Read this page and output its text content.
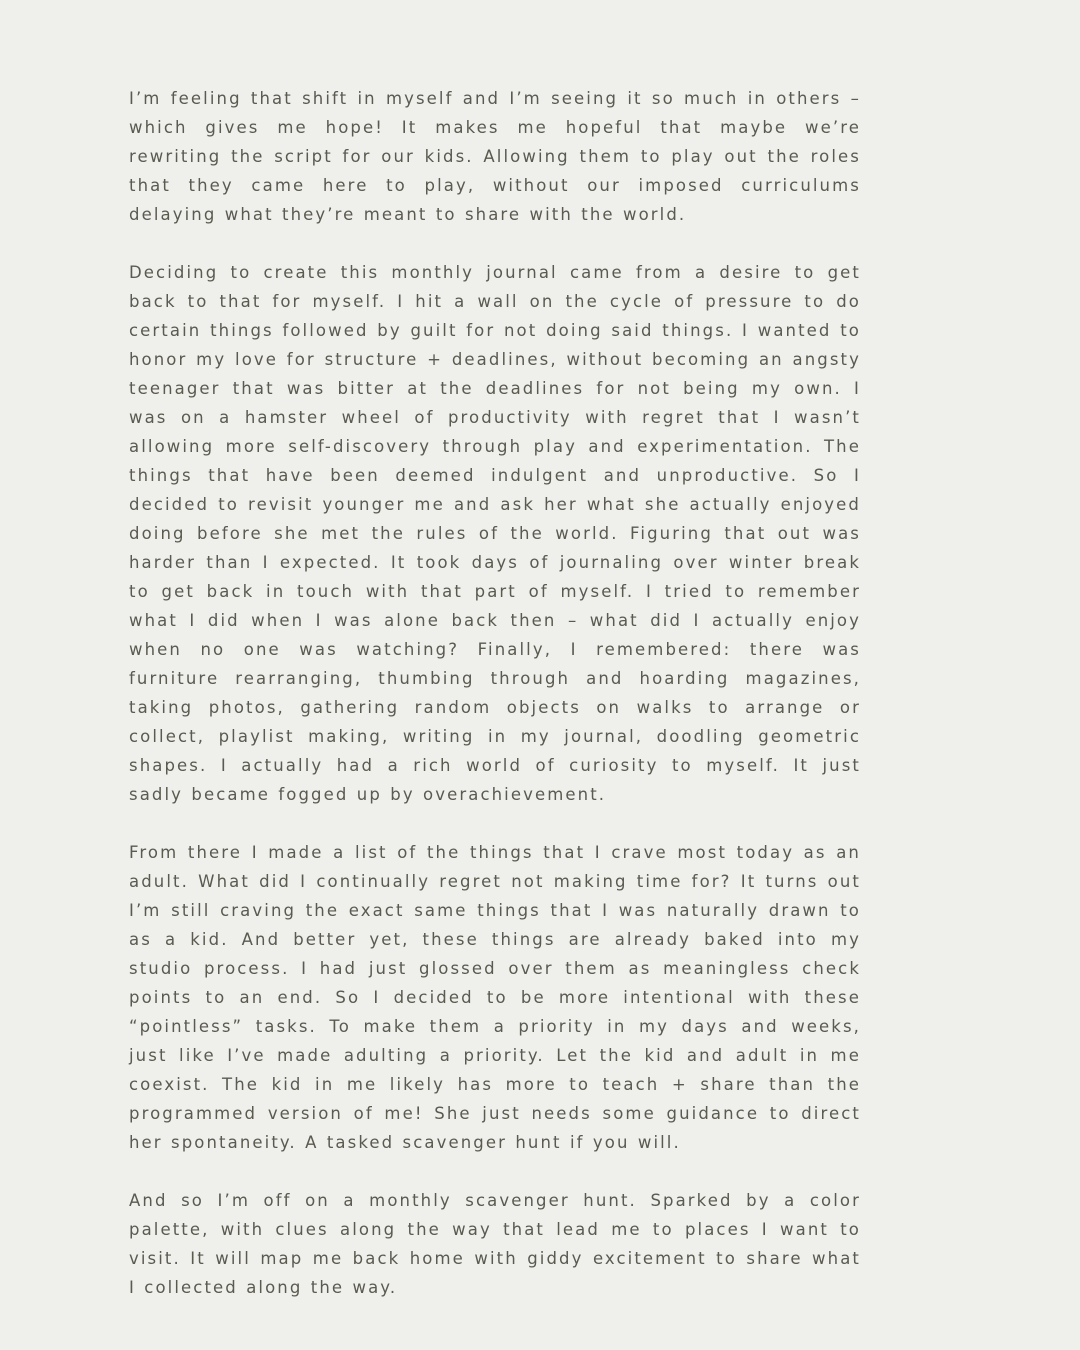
I’m feeling that shift in myself and I’m seeing it so much in others – which gives me hope! It makes me hopeful that maybe we’re rewriting the script for our kids. Allowing them to play out the roles that they came here to play, without our imposed curriculums delaying what they’re meant to share with the world.

Deciding to create this monthly journal came from a desire to get back to that for myself. I hit a wall on the cycle of pressure to do certain things followed by guilt for not doing said things. I wanted to honor my love for structure + deadlines, without becoming an angsty teenager that was bitter at the deadlines for not being my own. I was on a hamster wheel of productivity with regret that I wasn’t allowing more self-discovery through play and experimentation. The things that have been deemed indulgent and unproductive. So I decided to revisit younger me and ask her what she actually enjoyed doing before she met the rules of the world. Figuring that out was harder than I expected. It took days of journaling over winter break to get back in touch with that part of myself. I tried to remember what I did when I was alone back then – what did I actually enjoy when no one was watching? Finally, I remembered: there was furniture rearranging, thumbing through and hoarding magazines, taking photos, gathering random objects on walks to arrange or collect, playlist making, writing in my journal, doodling geometric shapes. I actually had a rich world of curiosity to myself. It just sadly became fogged up by overachievement.

From there I made a list of the things that I crave most today as an adult. What did I continually regret not making time for? It turns out I’m still craving the exact same things that I was naturally drawn to as a kid. And better yet, these things are already baked into my studio process. I had just glossed over them as meaningless check points to an end. So I decided to be more intentional with these “pointless” tasks. To make them a priority in my days and weeks, just like I’ve made adulting a priority. Let the kid and adult in me coexist. The kid in me likely has more to teach + share than the programmed version of me! She just needs some guidance to direct her spontaneity. A tasked scavenger hunt if you will.

And so I’m off on a monthly scavenger hunt. Sparked by a color palette, with clues along the way that lead me to places I want to visit. It will map me back home with giddy excitement to share what I collected along the way.
